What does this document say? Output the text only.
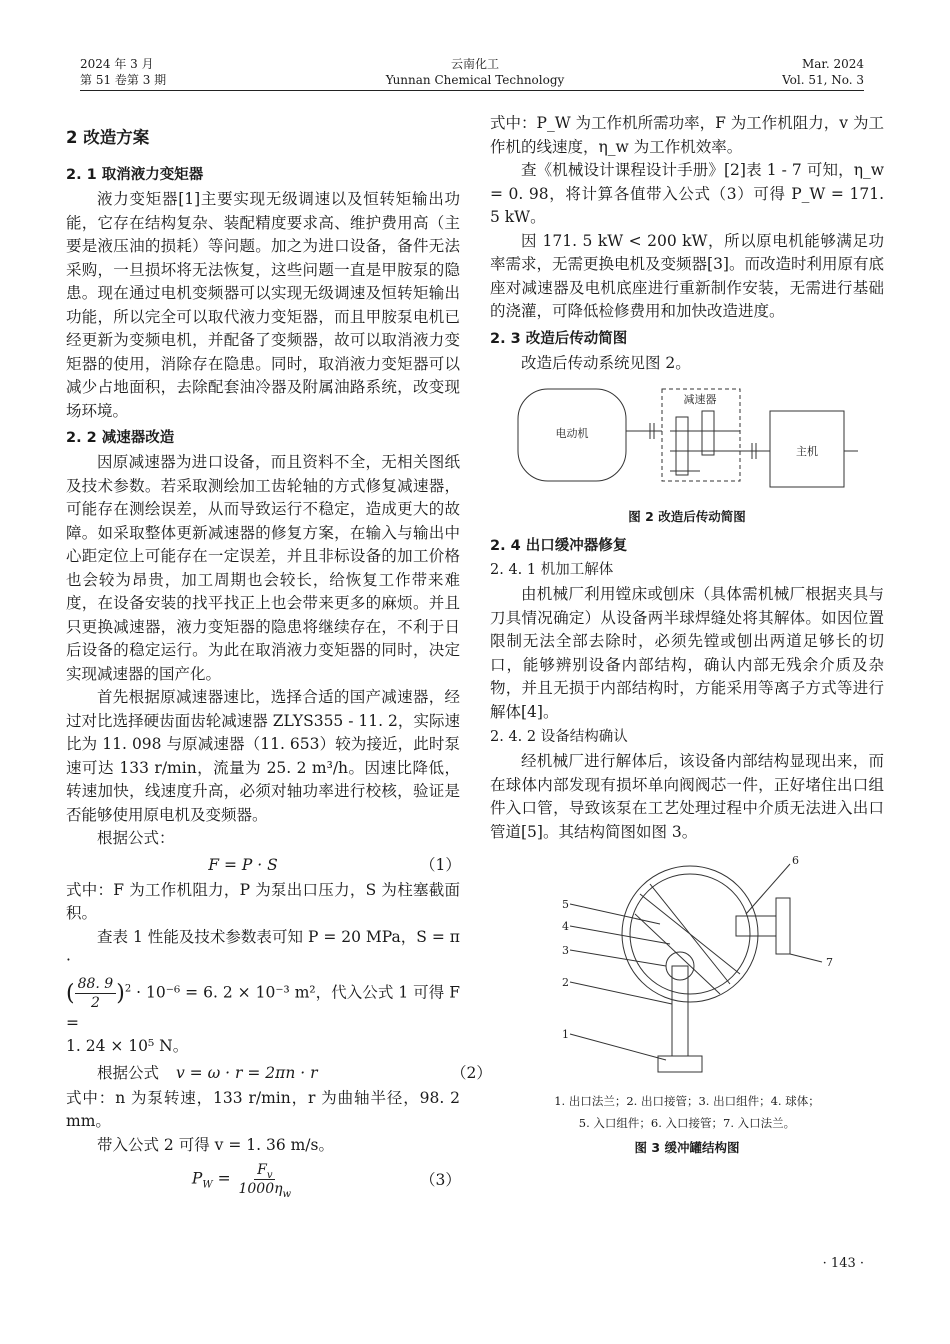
2024 年 3 月
第 51 卷第 3 期
云南化工
Yunnan Chemical Technology
Mar. 2024
Vol. 51, No. 3
2 改造方案
2. 1 取消液力变矩器

液力变矩器[1]主要实现无级调速以及恒转矩输出功能，它存在结构复杂、装配精度要求高、维护费用高（主要是液压油的损耗）等问题。加之为进口设备，备件无法采购，一旦损坏将无法恢复，这些问题一直是甲胺泵的隐患。现在通过电机变频器可以实现无级调速及恒转矩输出功能，所以完全可以取代液力变矩器，而且甲胺泵电机已经更新为变频电机，并配备了变频器，故可以取消液力变矩器的使用，消除存在隐患。同时，取消液力变矩器可以减少占地面积，去除配套油冷器及附属油路系统，改变现场环境。

2. 2 减速器改造

因原减速器为进口设备，而且资料不全，无相关图纸及技术参数。若采取测绘加工齿轮轴的方式修复减速器，可能存在测绘误差，从而导致运行不稳定，造成更大的故障。如采取整体更新减速器的修复方案，在输入与输出中心距定位上可能存在一定误差，并且非标设备的加工价格也会较为昂贵，加工周期也会较长，给恢复工作带来难度，在设备安装的找平找正上也会带来更多的麻烦。并且只更换减速器，液力变矩器的隐患将继续存在，不利于日后设备的稳定运行。为此在取消液力变矩器的同时，决定实现减速器的国产化。

首先根据原减速器速比，选择合适的国产减速器，经过对比选择硬齿面齿轮减速器 ZLYS355 - 11. 2，实际速比为 11. 098 与原减速器（11. 653）较为接近，此时泵速可达 133 r/min，流量为 25. 2 m³/h。因速比降低，转速加快，线速度升高，必须对轴功率进行校核，验证是否能够使用原电机及变频器。

根据公式：

F = P · S	（1）

式中：F 为工作机阻力，P 为泵出口压力，S 为柱塞截面积。

查表 1 性能及技术参数表可知 P = 20 MPa，S = π ·

( $\frac{88. 9}{2} )^2 \cdot 10^{-6} = 6$. 2 × 10⁻³ m²，代入公式 1 可得 F =

1. 24 × 10⁵ N。

根据公式	v = ω · r = 2πn · r	（2）

式中：n 为泵转速，133 r/min，r 为曲轴半径，98. 2 mm。

带入公式 2 可得 v = 1. 36 m/s。

$P_W = \frac{F_v}{1000\eta_w}$	（3）

式中：P_W 为工作机所需功率，F 为工作机阻力，v 为工作机的线速度，η_w 为工作机效率。

查《机械设计课程设计手册》[2]表 1 - 7 可知，η_w = 0. 98，将计算各值带入公式（3）可得 P_W = 171. 5 kW。

因 171. 5 kW < 200 kW，所以原电机能够满足功率需求，无需更换电机及变频器[3]。而改造时利用原有底座对减速器及电机底座进行重新制作安装，无需进行基础的浇灌，可降低检修费用和加快改造进度。

2. 3 改造后传动简图

改造后传动系统见图 2。

电动机
减速器
主机
图 2 改造后传动简图
2. 4 出口缓冲器修复
2. 4. 1 机加工解体

由机械厂利用镗床或刨床（具体需机械厂根据夹具与刀具情况确定）从设备两半球焊缝处将其解体。如因位置限制无法全部去除时，必须先镗或刨出两道足够长的切口，能够辨别设备内部结构，确认内部无残余介质及杂物，并且无损于内部结构时，方能采用等离子方式等进行解体[4]。

2. 4. 2 设备结构确认

经机械厂进行解体后，该设备内部结构显现出来，而在球体内部发现有损坏单向阀阀芯一件，正好堵住出口组件入口管，导致该泵在工艺处理过程中介质无法进入出口管道[5]。其结构简图如图 3。

1
2
3
4
5
6
7
1. 出口法兰；2. 出口接管；3. 出口组件；4. 球体；
5. 入口组件；6. 入口接管；7. 入口法兰。
图 3 缓冲罐结构图
· 143 ·
